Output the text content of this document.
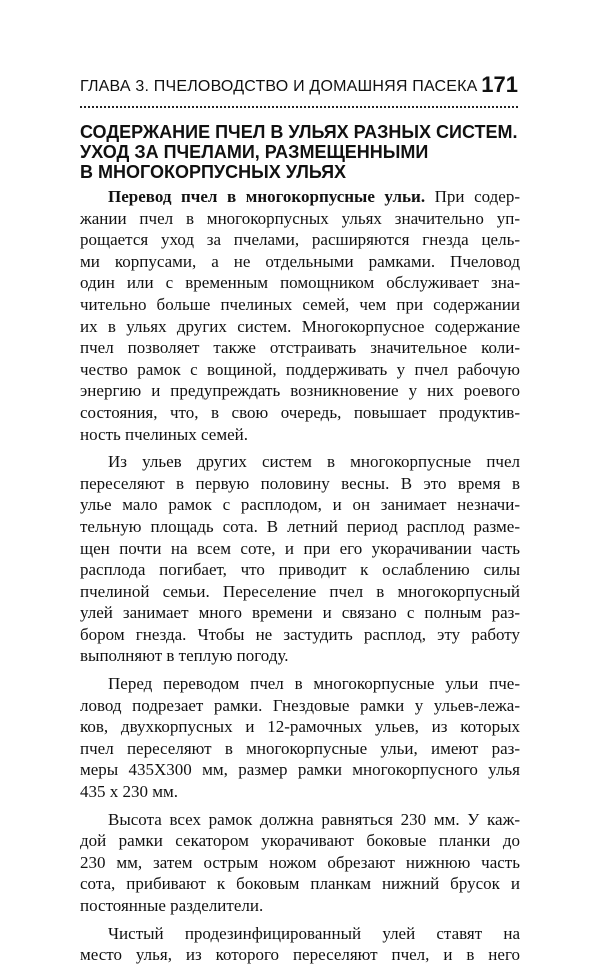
ГЛАВА 3. ПЧЕЛОВОДСТВО И ДОМАШНЯЯ ПАСЕКА 171
СОДЕРЖАНИЕ ПЧЕЛ В УЛЬЯХ РАЗНЫХ СИСТЕМ.
УХОД ЗА ПЧЕЛАМИ, РАЗМЕЩЕННЫМИ
В МНОГОКОРПУСНЫХ УЛЬЯХ
Перевод пчел в многокорпусные ульи. При содер-
жании пчел в многокорпусных ульях значительно уп-
рощается уход за пчелами, расширяются гнезда цель-
ми корпусами, а не отдельными рамками. Пчеловод
один или с временным помощником обслуживает зна-
чительно больше пчелиных семей, чем при содержании
их в ульях других систем. Многокорпусное содержание
пчел позволяет также отстраивать значительное коли-
чество рамок с вощиной, поддерживать у пчел рабочую
энергию и предупреждать возникновение у них роевого
состояния, что, в свою очередь, повышает продуктив-
ность пчелиных семей.
Из ульев других систем в многокорпусные пчел
переселяют в первую половину весны. В это время в
улье мало рамок с расплодом, и он занимает незначи-
тельную площадь сота. В летний период расплод разме-
щен почти на всем соте, и при его укорачивании часть
расплода погибает, что приводит к ослаблению силы
пчелиной семьи. Переселение пчел в многокорпусный
улей занимает много времени и связано с полным раз-
бором гнезда. Чтобы не застудить расплод, эту работу
выполняют в теплую погоду.
Перед переводом пчел в многокорпусные ульи пче-
ловод подрезает рамки. Гнездовые рамки у ульев-лежа-
ков, двухкорпусных и 12-рамочных ульев, из которых
пчел переселяют в многокорпусные ульи, имеют раз-
меры 435Х300 мм, размер рамки многокорпусного улья
435 х 230 мм.
Высота всех рамок должна равняться 230 мм. У каж-
дой рамки секатором укорачивают боковые планки до
230 мм, затем острым ножом обрезают нижнюю часть
сота, прибивают к боковым планкам нижний брусок и
постоянные разделители.
Чистый продезинфицированный улей ставят на
место улья, из которого переселяют пчел, и в него
